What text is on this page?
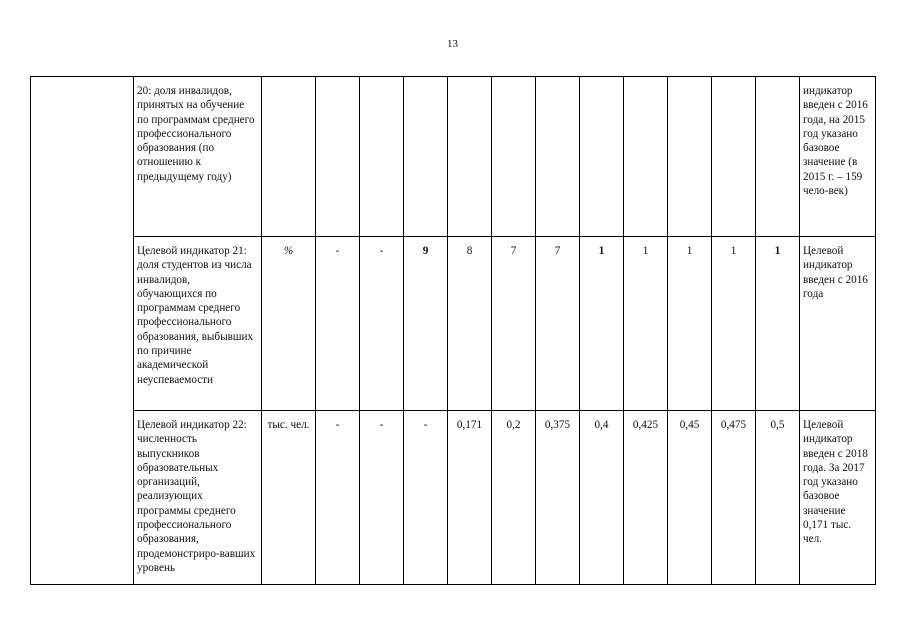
13
	20: доля инвалидов, принятых на обучение по программам среднего профессионального образования (по отношению к предыдущему году)													индикатор введен с 2016 года, на 2015 год указано базовое значение (в 2015 г. – 159 чело-век)
	Целевой индикатор 21: доля студентов из числа инвалидов, обучающихся по программам среднего профессионального образования, выбывших по причине академической неуспеваемости	%	-	-	9	8	7	7	1	1	1	1	1	Целевой индикатор введен с 2016 года
	Целевой индикатор 22: численность выпускников образовательных организаций, реализующих программы среднего профессионального образования, продемонстриро-вавших уровень	тыс. чел.	-	-	-	0,171	0,2	0,375	0,4	0,425	0,45	0,475	0,5	Целевой индикатор введен с 2018 года. За 2017 год указано базовое значение 0,171 тыс. чел.
